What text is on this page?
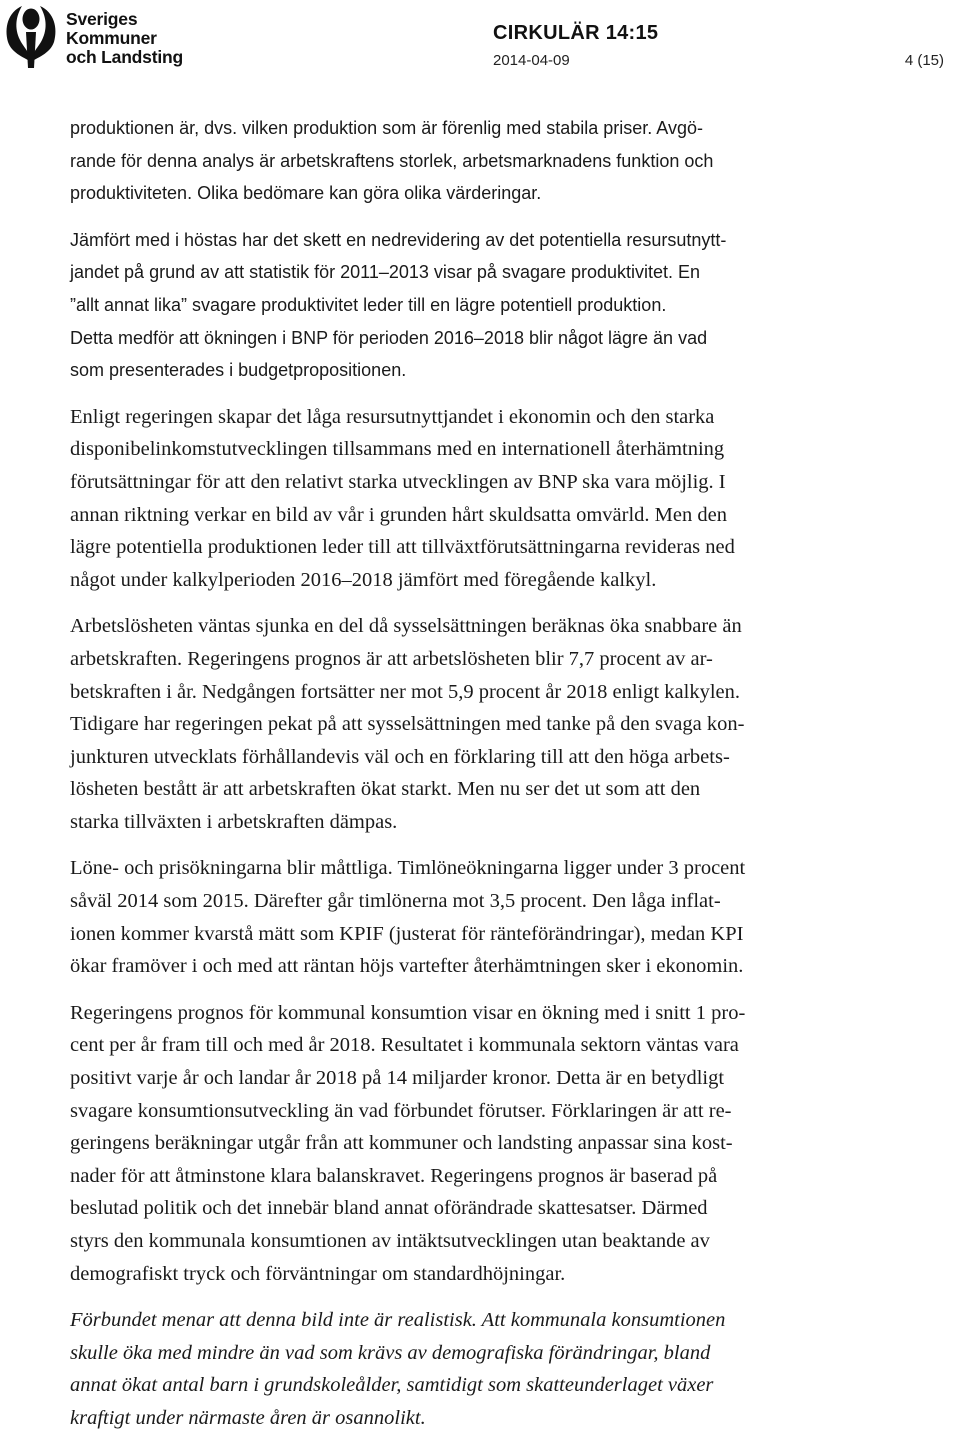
Sveriges
Kommuner
och Landsting
CIRKULÄR 14:15
2014-04-09	4 (15)

produktionen är, dvs. vilken produktion som är förenlig med stabila priser. Avgö-
rande för denna analys är arbetskraftens storlek, arbetsmarknadens funktion och
produktiviteten. Olika bedömare kan göra olika värderingar.

Jämfört med i höstas har det skett en nedrevidering av det potentiella resursutnytt-
jandet på grund av att statistik för 2011–2013 visar på svagare produktivitet. En
”allt annat lika” svagare produktivitet leder till en lägre potentiell produktion.
Detta medför att ökningen i BNP för perioden 2016–2018 blir något lägre än vad
som presenterades i budgetpropositionen.

Enligt regeringen skapar det låga resursutnyttjandet i ekonomin och den starka
disponibelinkomstutvecklingen tillsammans med en internationell återhämtning
förutsättningar för att den relativt starka utvecklingen av BNP ska vara möjlig. I
annan riktning verkar en bild av vår i grunden hårt skuldsatta omvärld. Men den
lägre potentiella produktionen leder till att tillväxtförutsättningarna revideras ned
något under kalkylperioden 2016–2018 jämfört med föregående kalkyl.

Arbetslösheten väntas sjunka en del då sysselsättningen beräknas öka snabbare än
arbetskraften. Regeringens prognos är att arbetslösheten blir 7,7 procent av ar-
betskraften i år. Nedgången fortsätter ner mot 5,9 procent år 2018 enligt kalkylen.
Tidigare har regeringen pekat på att sysselsättningen med tanke på den svaga kon-
junkturen utvecklats förhållandevis väl och en förklaring till att den höga arbets-
lösheten bestått är att arbetskraften ökat starkt. Men nu ser det ut som att den
starka tillväxten i arbetskraften dämpas.

Löne- och prisökningarna blir måttliga. Timlöneökningarna ligger under 3 procent
såväl 2014 som 2015. Därefter går timlönerna mot 3,5 procent. Den låga inflat-
ionen kommer kvarstå mätt som KPIF (justerat för ränteförändringar), medan KPI
ökar framöver i och med att räntan höjs vartefter återhämtningen sker i ekonomin.

Regeringens prognos för kommunal konsumtion visar en ökning med i snitt 1 pro-
cent per år fram till och med år 2018. Resultatet i kommunala sektorn väntas vara
positivt varje år och landar år 2018 på 14 miljarder kronor. Detta är en betydligt
svagare konsumtionsutveckling än vad förbundet förutser. Förklaringen är att re-
geringens beräkningar utgår från att kommuner och landsting anpassar sina kost-
nader för att åtminstone klara balanskravet. Regeringens prognos är baserad på
beslutad politik och det innebär bland annat oförändrade skattesatser. Därmed
styrs den kommunala konsumtionen av intäktsutvecklingen utan beaktande av
demografiskt tryck och förväntningar om standardhöjningar.

Förbundet menar att denna bild inte är realistisk. Att kommunala konsumtionen
skulle öka med mindre än vad som krävs av demografiska förändringar, bland
annat ökat antal barn i grundskoleålder, samtidigt som skatteunderlaget växer
kraftigt under närmaste åren är osannolikt.
